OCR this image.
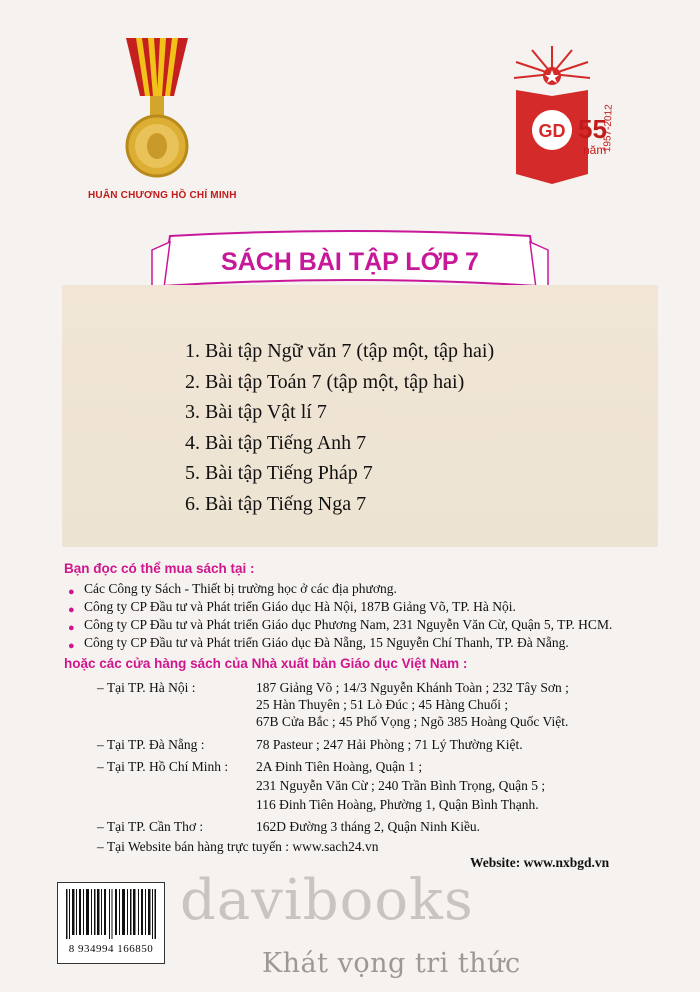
HUÂN CHƯƠNG HỒ CHÍ MINH
GD 55
năm
1957-2012
SÁCH BÀI TẬP LỚP 7
1. Bài tập Ngữ văn 7 (tập một, tập hai)
2. Bài tập Toán 7 (tập một, tập hai)
3. Bài tập Vật lí 7
4. Bài tập Tiếng Anh 7
5. Bài tập Tiếng Pháp 7
6. Bài tập Tiếng Nga 7
Bạn đọc có thể mua sách tại :
● Các Công ty Sách - Thiết bị trường học ở các địa phương.
● Công ty CP Đầu tư và Phát triển Giáo dục Hà Nội, 187B Giảng Võ, TP. Hà Nội.
● Công ty CP Đầu tư và Phát triển Giáo dục Phương Nam, 231 Nguyễn Văn Cừ, Quận 5, TP. HCM.
● Công ty CP Đầu tư và Phát triển Giáo dục Đà Nẵng, 15 Nguyễn Chí Thanh, TP. Đà Nẵng.
hoặc các cửa hàng sách của Nhà xuất bản Giáo dục Việt Nam :
– Tại TP. Hà Nội :	187 Giảng Võ ; 14/3 Nguyễn Khánh Toàn ; 232 Tây Sơn ;
25 Hàn Thuyên ; 51 Lò Đúc ; 45 Hàng Chuối ;
67B Cửa Bắc ; 45 Phố Vọng ; Ngõ 385 Hoàng Quốc Việt.
– Tại TP. Đà Nẵng :	78 Pasteur ; 247 Hải Phòng ; 71 Lý Thường Kiệt.
– Tại TP. Hồ Chí Minh : 2A Đinh Tiên Hoàng, Quận 1 ;
231 Nguyễn Văn Cừ ; 240 Trần Bình Trọng, Quận 5 ;
116 Đinh Tiên Hoàng, Phường 1, Quận Bình Thạnh.
– Tại TP. Cần Thơ :	162D Đường 3 tháng 2, Quận Ninh Kiều.
– Tại Website bán hàng trực tuyến : www.sach24.vn
Website: www.nxbgd.vn
8 934994 166850
davibooks
Khát vọng tri thức
